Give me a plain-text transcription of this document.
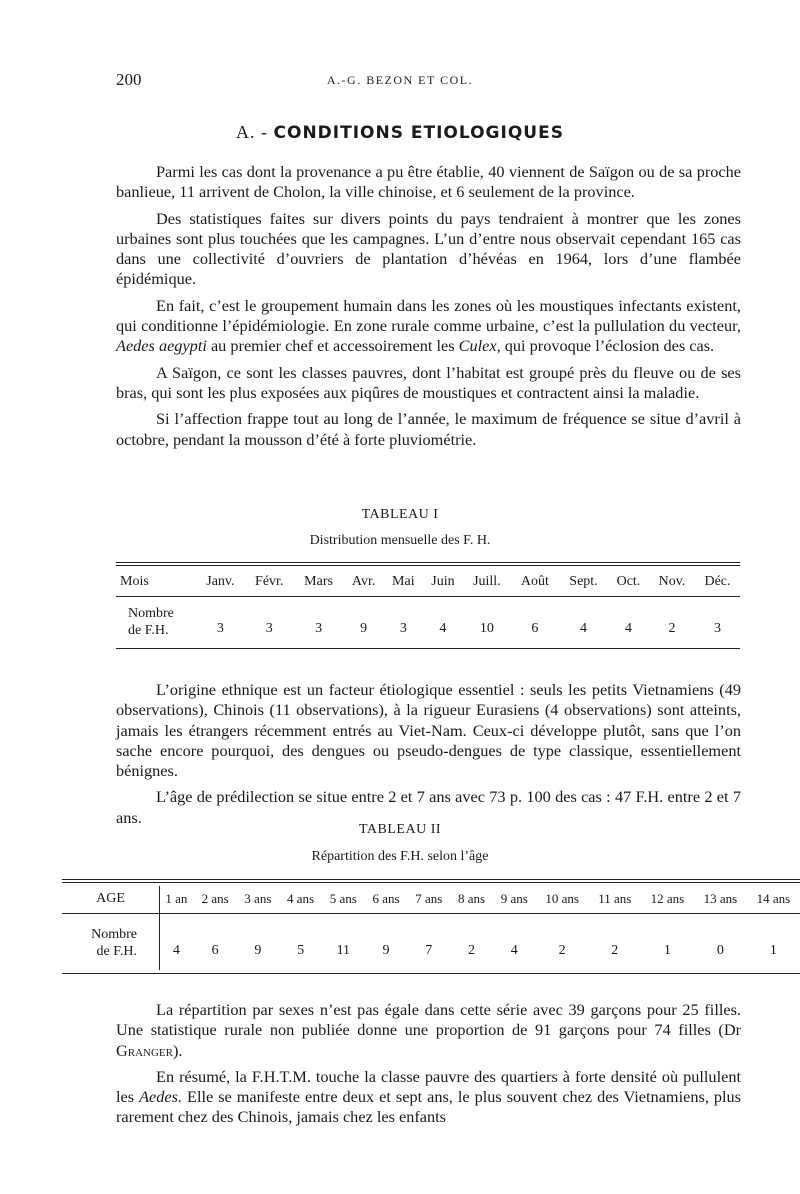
200	A.-G. BEZON ET COL.
A. - CONDITIONS ETIOLOGIQUES

Parmi les cas dont la provenance a pu être établie, 40 viennent de Saïgon ou de sa proche banlieue, 11 arrivent de Cholon, la ville chinoise, et 6 seulement de la province.

Des statistiques faites sur divers points du pays tendraient à montrer que les zones urbaines sont plus touchées que les campagnes. L’un d’entre nous observait cependant 165 cas dans une collectivité d’ouvriers de plantation d’hévéas en 1964, lors d’une flambée épidémique.

En fait, c’est le groupement humain dans les zones où les moustiques infectants existent, qui conditionne l’épidémiologie. En zone rurale comme urbaine, c’est la pullulation du vecteur, Aedes aegypti au premier chef et accessoirement les Culex, qui provoque l’éclosion des cas.

A Saïgon, ce sont les classes pauvres, dont l’habitat est groupé près du fleuve ou de ses bras, qui sont les plus exposées aux piqûres de moustiques et contractent ainsi la maladie.

Si l’affection frappe tout au long de l’année, le maximum de fréquence se situe d’avril à octobre, pendant la mousson d’été à forte pluviométrie.

TABLEAU I
Distribution mensuelle des F. H.
Mois	Janv.	Févr.	Mars	Avr.	Mai	Juin	Juill.	Août	Sept.	Oct.	Nov.	Déc.
Nombre
de F.H.	3	3	3	9	3	4	10	6	4	4	2	3

L’origine ethnique est un facteur étiologique essentiel : seuls les petits Vietnamiens (49 observations), Chinois (11 observations), à la rigueur Eurasiens (4 observations) sont atteints, jamais les étrangers récemment entrés au Viet-Nam. Ceux-ci développe plutôt, sans que l’on sache encore pourquoi, des dengues ou pseudo-dengues de type classique, essentiellement bénignes.

L’âge de prédilection se situe entre 2 et 7 ans avec 73 p. 100 des cas : 47 F.H. entre 2 et 7 ans.

TABLEAU II
Répartition des F.H. selon l’âge
AGE	1 an	2 ans	3 ans	4 ans	5 ans	6 ans	7 ans	8 ans	9 ans	10 ans	11 ans	12 ans	13 ans	14 ans
Nombre
de F.H.	4	6	9	5	11	9	7	2	4	2	2	1	0	1

La répartition par sexes n’est pas égale dans cette série avec 39 garçons pour 25 filles. Une statistique rurale non publiée donne une proportion de 91 garçons pour 74 filles (Dr Granger).

En résumé, la F.H.T.M. touche la classe pauvre des quartiers à forte densité où pullulent les Aedes. Elle se manifeste entre deux et sept ans, le plus souvent chez des Vietnamiens, plus rarement chez des Chinois, jamais chez les enfants
